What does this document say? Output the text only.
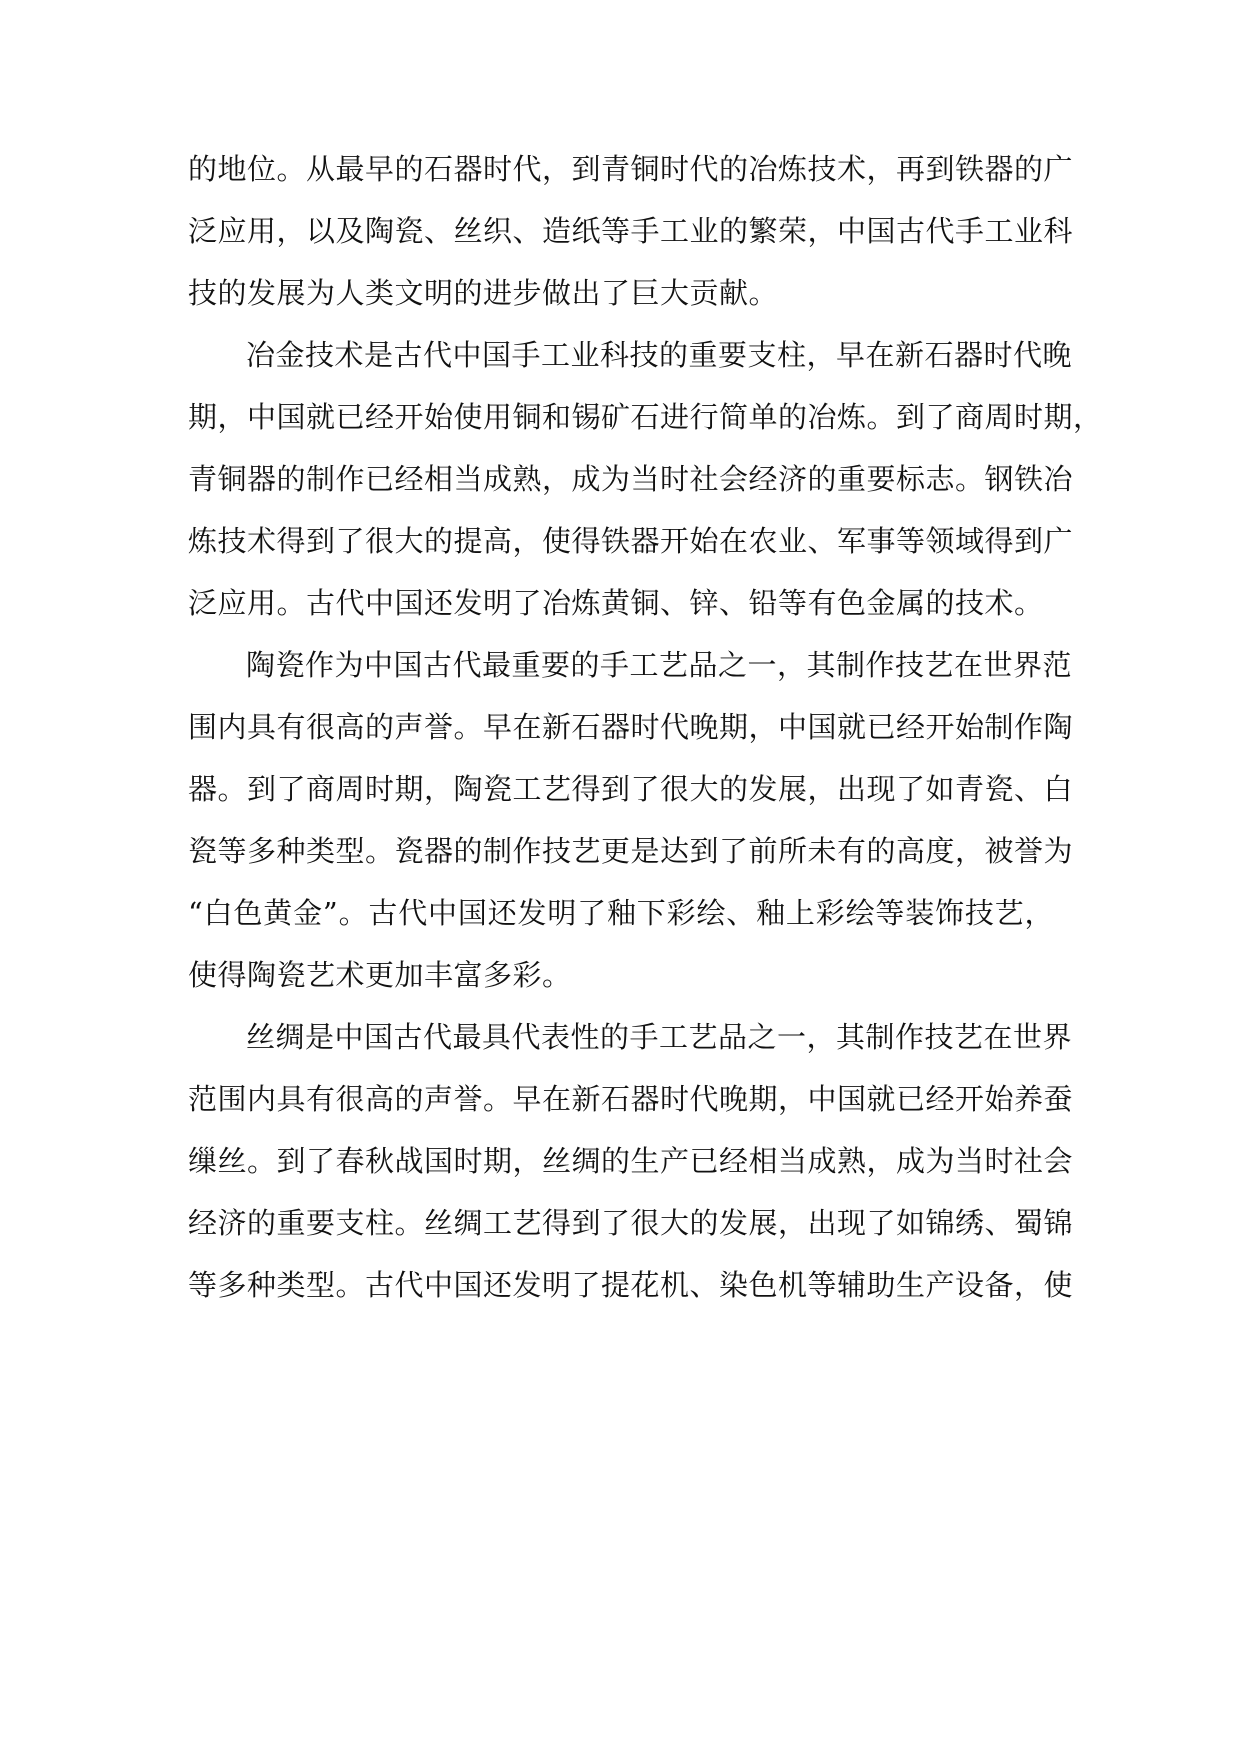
的地位。从最早的石器时代，到青铜时代的冶炼技术，再到铁器的广
泛应用，以及陶瓷、丝织、造纸等手工业的繁荣，中国古代手工业科
技的发展为人类文明的进步做出了巨大贡献。
冶金技术是古代中国手工业科技的重要支柱，早在新石器时代晚
期，中国就已经开始使用铜和锡矿石进行简单的冶炼。到了商周时期，
青铜器的制作已经相当成熟，成为当时社会经济的重要标志。钢铁冶
炼技术得到了很大的提高，使得铁器开始在农业、军事等领域得到广
泛应用。古代中国还发明了冶炼黄铜、锌、铅等有色金属的技术。
陶瓷作为中国古代最重要的手工艺品之一，其制作技艺在世界范
围内具有很高的声誉。早在新石器时代晚期，中国就已经开始制作陶
器。到了商周时期，陶瓷工艺得到了很大的发展，出现了如青瓷、白
瓷等多种类型。瓷器的制作技艺更是达到了前所未有的高度，被誉为
“白色黄金”。古代中国还发明了釉下彩绘、釉上彩绘等装饰技艺，
使得陶瓷艺术更加丰富多彩。
丝绸是中国古代最具代表性的手工艺品之一，其制作技艺在世界
范围内具有很高的声誉。早在新石器时代晚期，中国就已经开始养蚕
缫丝。到了春秋战国时期，丝绸的生产已经相当成熟，成为当时社会
经济的重要支柱。丝绸工艺得到了很大的发展，出现了如锦绣、蜀锦
等多种类型。古代中国还发明了提花机、染色机等辅助生产设备，使
